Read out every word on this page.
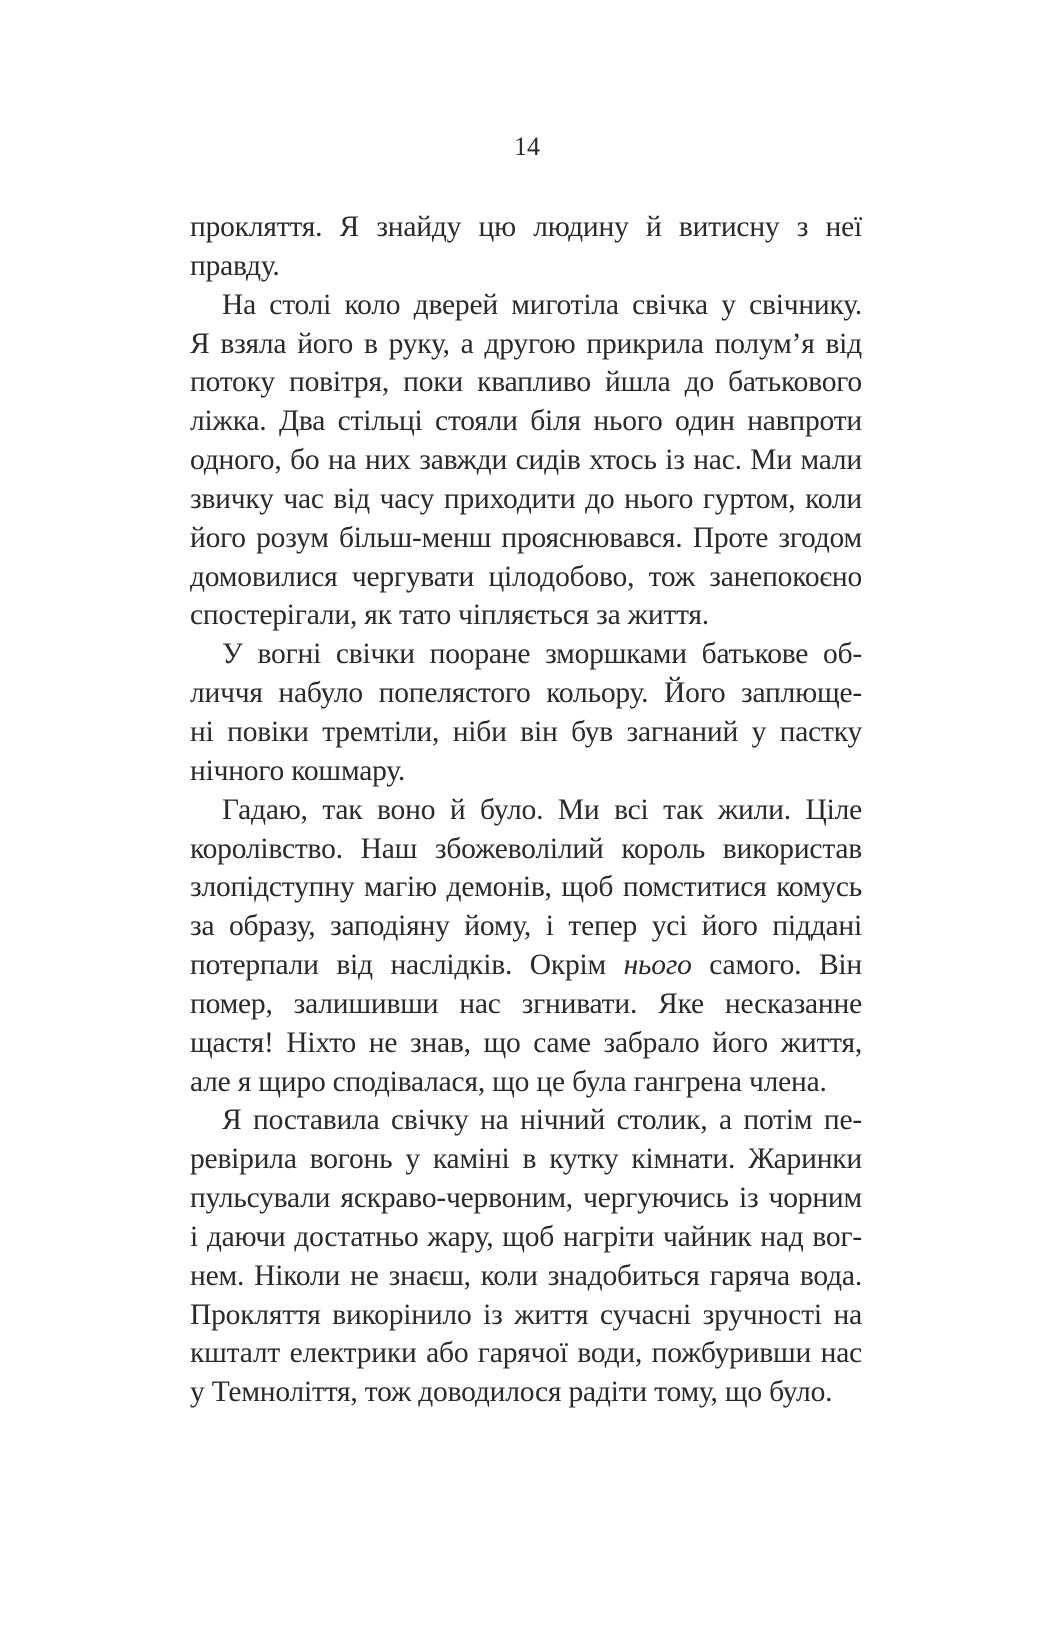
14
прокляття. Я знайду цю людину й витисну з неї
правду.
На столі коло дверей миготіла свічка у свічнику.
Я взяла його в руку, а другою прикрила полум’я від
потоку повітря, поки квапливо йшла до батькового
ліжка. Два стільці стояли біля нього один навпроти
одного, бо на них завжди сидів хтось із нас. Ми мали
звичку час від часу приходити до нього гуртом, коли
його розум більш-менш прояснювався. Проте згодом
домовилися чергувати цілодобово, тож занепокоєно
спостерігали, як тато чіпляється за життя.
У вогні свічки пооране зморшками батькове об-
личчя набуло попелястого кольору. Його заплюще-
ні повіки тремтіли, ніби він був загнаний у пастку
нічного кошмару.
Гадаю, так воно й було. Ми всі так жили. Ціле
королівство. Наш збожеволілий король використав
злопідступну магію демонів, щоб помститися комусь
за образу, заподіяну йому, і тепер усі його піддані
потерпали від наслідків. Окрім нього самого. Він
помер, залишивши нас згнивати. Яке несказанне
щастя! Ніхто не знав, що саме забрало його життя,
але я щиро сподівалася, що це була гангрена члена.
Я поставила свічку на нічний столик, а потім пе-
ревірила вогонь у каміні в кутку кімнати. Жаринки
пульсували яскраво-червоним, чергуючись із чорним
і даючи достатньо жару, щоб нагріти чайник над вог-
нем. Ніколи не знаєш, коли знадобиться гаряча вода.
Прокляття викорінило із життя сучасні зручності на
кшталт електрики або гарячої води, пожбуривши нас
у Темноліття, тож доводилося радіти тому, що було.
